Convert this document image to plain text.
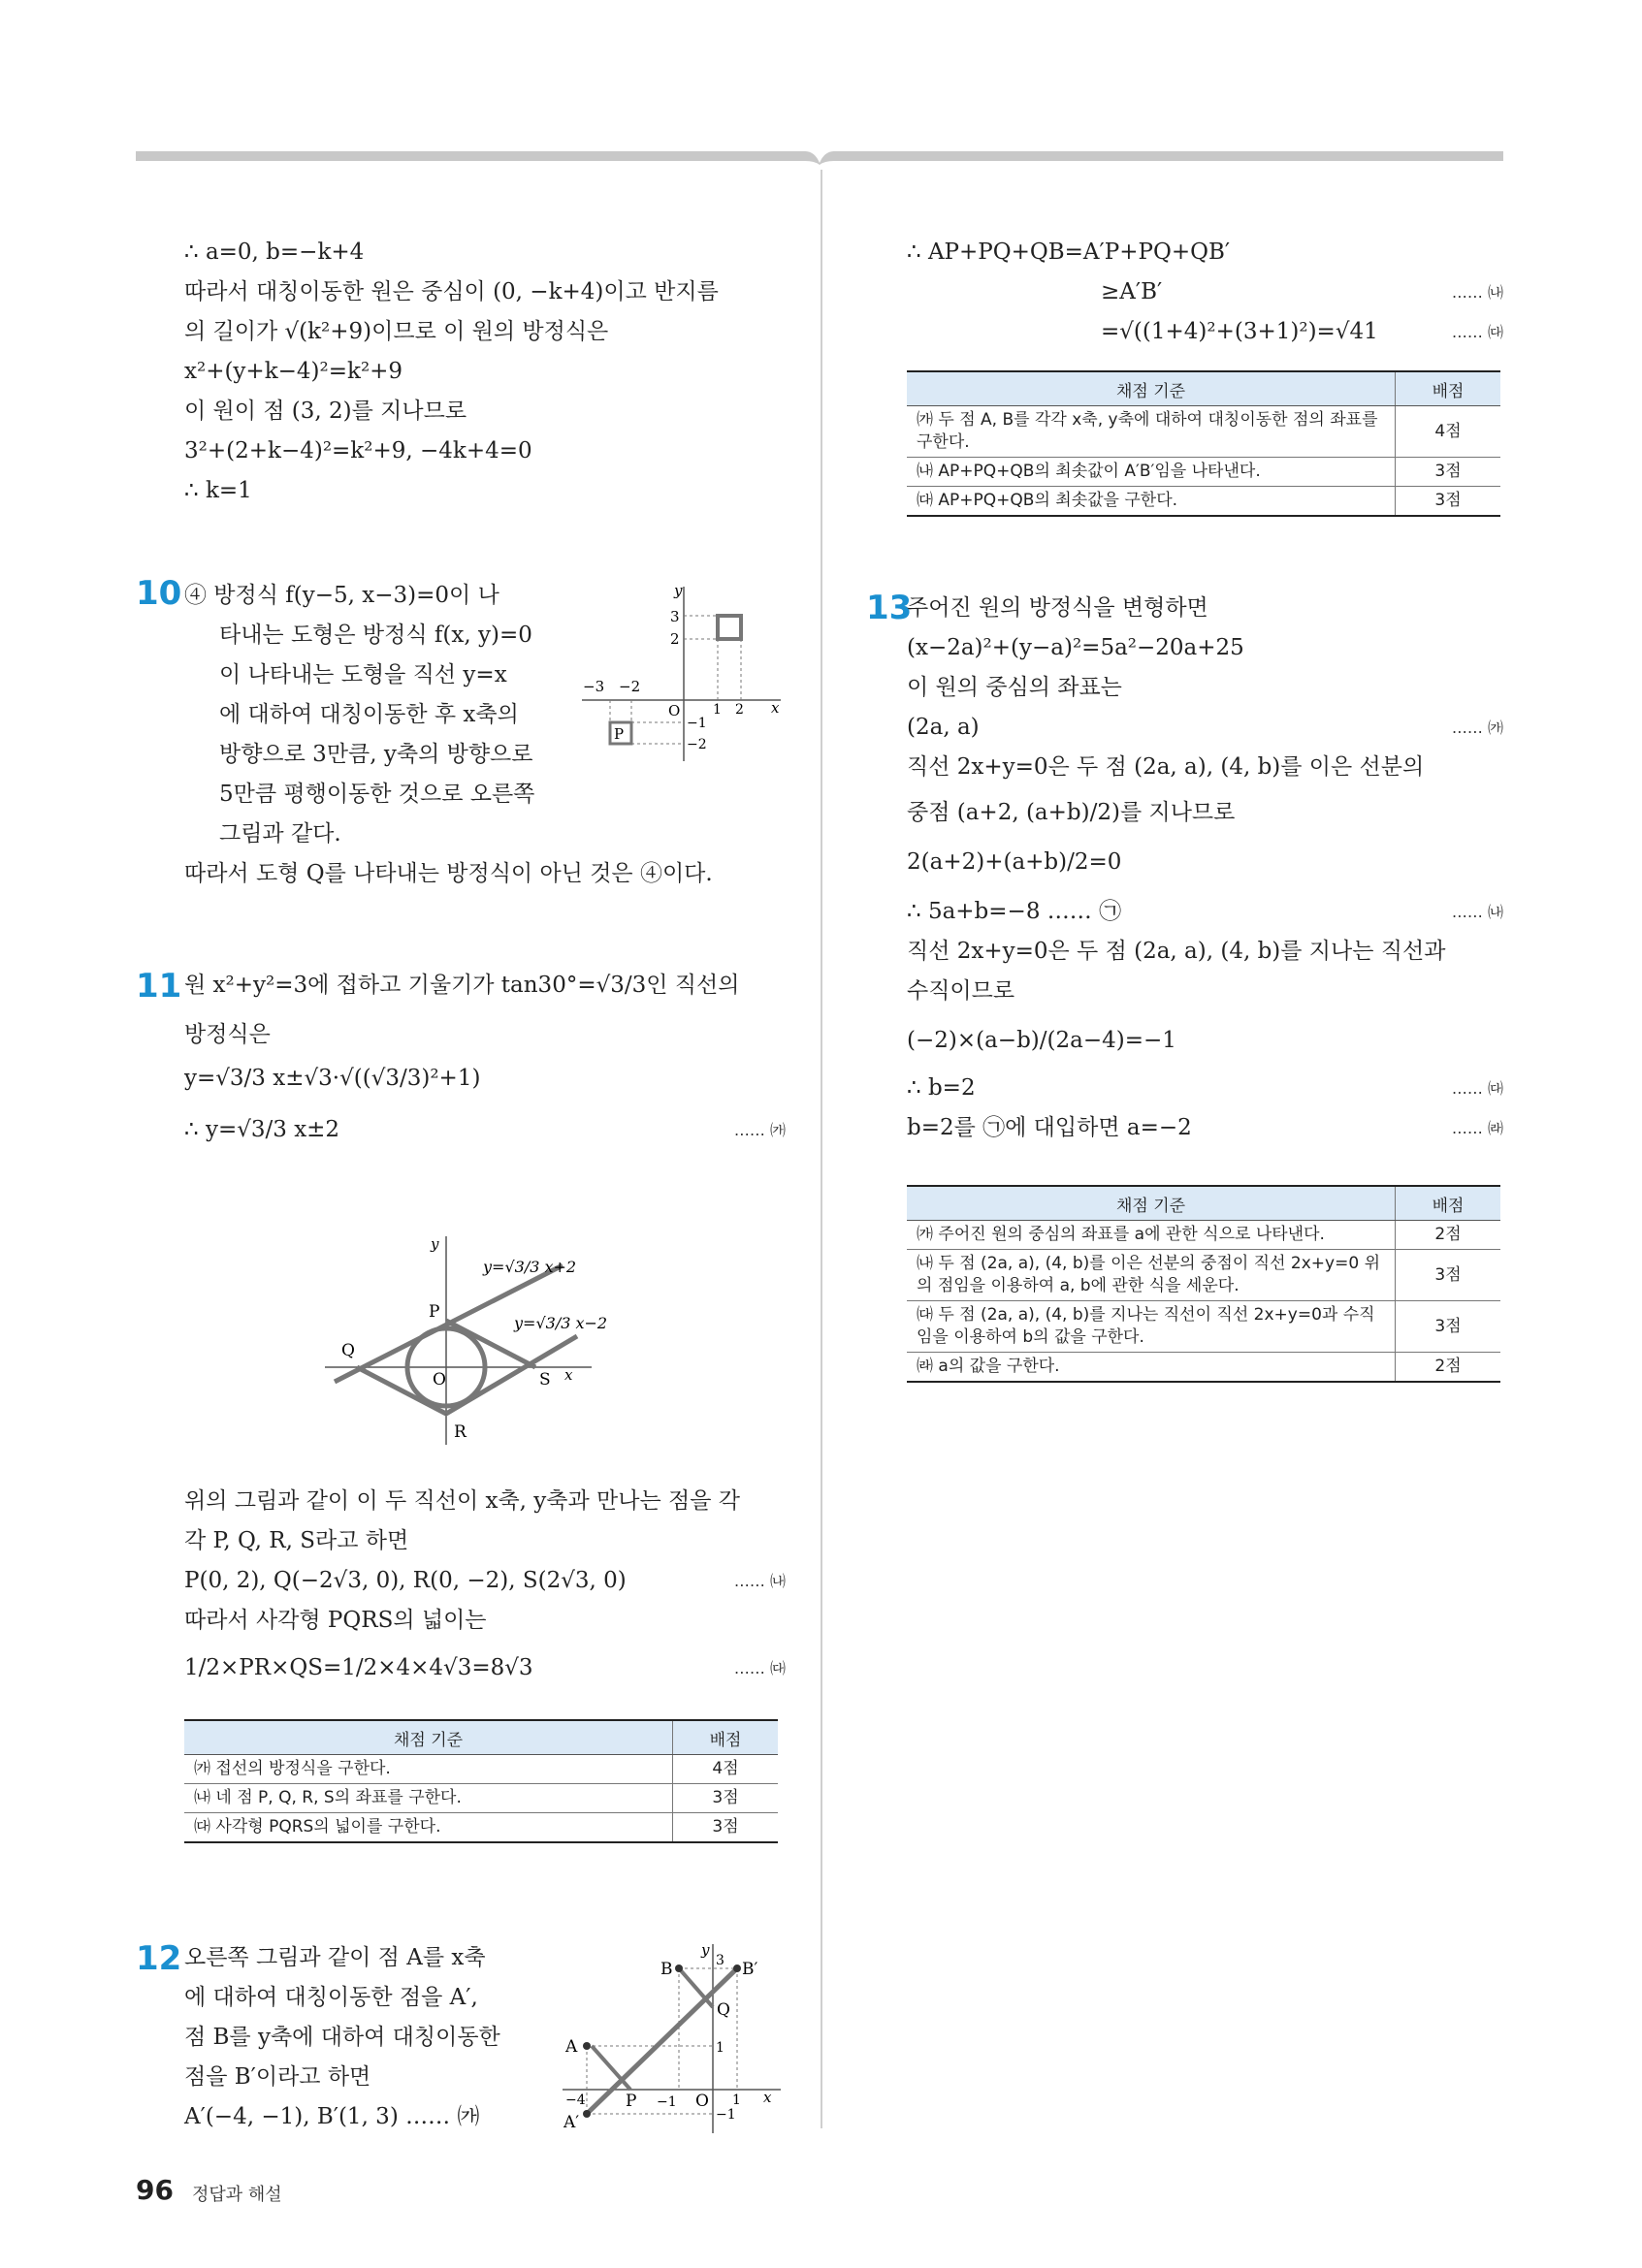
∴ a=0, b=−k+4
따라서 대칭이동한 원은 중심이 (0, −k+4)이고 반지름
의 길이가 √(k²+9)이므로 이 원의 방정식은
x²+(y+k−4)²=k²+9
이 원이 점 (3, 2)를 지나므로
3²+(2+k−4)²=k²+9, −4k+4=0
∴ k=1
10 ④ 방정식 f(y−5, x−3)=0이 나
타내는 도형은 방정식 f(x, y)=0
이 나타내는 도형을 직선 y=x
에 대하여 대칭이동한 후 x축의
방향으로 3만큼, y축의 방향으로
5만큼 평행이동한 것으로 오른쪽
그림과 같다.
따라서 도형 Q를 나타내는 방정식이 아닌 것은 ④이다.
y
x
O
3
2
−3 −2
1 2
−1
−2
P
11 원 x²+y²=3에 접하고 기울기가 tan30°=√3/3인 직선의
방정식은
y=√3/3 x±√3·√((√3/3)²+1)
∴ y=√3/3 x±2	…… ㈎
y
x
O
P
Q
R
S
y=√3/3 x+2
y=√3/3 x−2
위의 그림과 같이 이 두 직선이 x축, y축과 만나는 점을 각
각 P, Q, R, S라고 하면
P(0, 2), Q(−2√3, 0), R(0, −2), S(2√3, 0)	…… ㈏
따라서 사각형 PQRS의 넓이는
1/2×PR×QS=1/2×4×4√3=8√3	…… ㈐
채점 기준	배점
㈎ 접선의 방정식을 구한다.	4점
㈏ 네 점 P, Q, R, S의 좌표를 구한다.	3점
㈐ 사각형 PQRS의 넓이를 구한다.	3점
12 오른쪽 그림과 같이 점 A를 x축
에 대하여 대칭이동한 점을 A′,
점 B를 y축에 대하여 대칭이동한
점을 B′이라고 하면
A′(−4, −1), B′(1, 3) …… ㈎
y
x
O
A
A′
B	B′
P
Q
3
1
−4	−1	1
−1
∴ AP+PQ+QB=A′P+PQ+QB′
≥A′B′	…… ㈏
=√((1+4)²+(3+1)²)=√41	…… ㈐
채점 기준	배점
㈎ 두 점 A, B를 각각 x축, y축에 대하여 대칭이동한 점의 좌표를 구한다.	4점
㈏ AP+PQ+QB의 최솟값이 A′B′임을 나타낸다.	3점
㈐ AP+PQ+QB의 최솟값을 구한다.	3점
13
주어진 원의 방정식을 변형하면
(x−2a)²+(y−a)²=5a²−20a+25
이 원의 중심의 좌표는
(2a, a)	…… ㈎
직선 2x+y=0은 두 점 (2a, a), (4, b)를 이은 선분의
중점 (a+2, (a+b)/2)를 지나므로
2(a+2)+(a+b)/2=0
∴ 5a+b=−8 …… ㉠	…… ㈏
직선 2x+y=0은 두 점 (2a, a), (4, b)를 지나는 직선과
수직이므로
(−2)×(a−b)/(2a−4)=−1
∴ b=2	…… ㈐
b=2를 ㉠에 대입하면 a=−2	…… ㈑
채점 기준	배점
㈎ 주어진 원의 중심의 좌표를 a에 관한 식으로 나타낸다.	2점
㈏ 두 점 (2a, a), (4, b)를 이은 선분의 중점이 직선 2x+y=0 위의 점임을 이용하여 a, b에 관한 식을 세운다.	3점
㈐ 두 점 (2a, a), (4, b)를 지나는 직선이 직선 2x+y=0과 수직임을 이용하여 b의 값을 구한다.	3점
㈑ a의 값을 구한다.	2점
96 정답과 해설
